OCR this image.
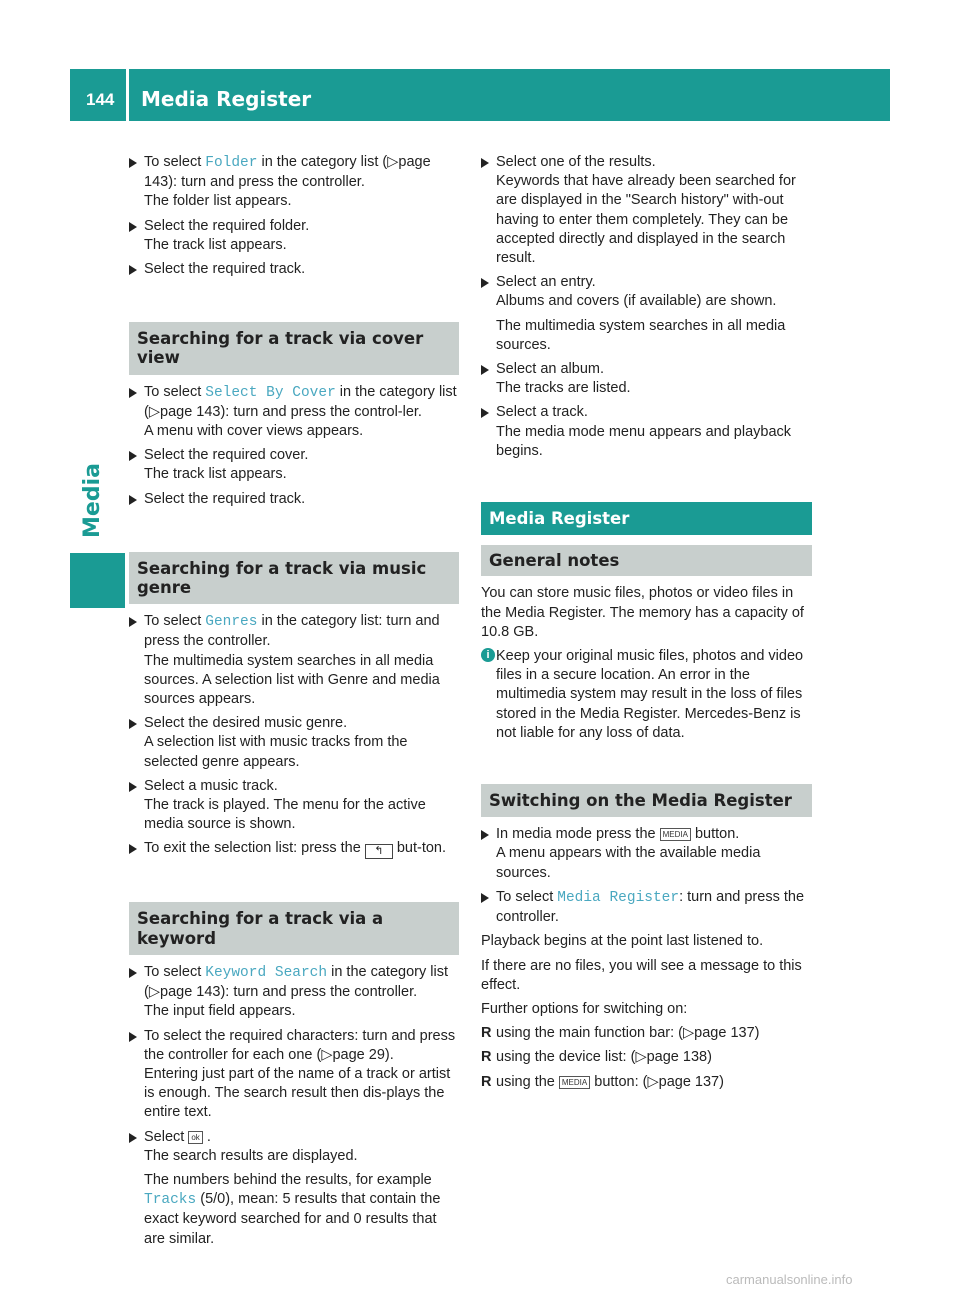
144 Media Register
Media
To select Folder in the category list (▷page 143): turn and press the controller.
The folder list appears.
Select the required folder.
The track list appears.
Select the required track.
Searching for a track via cover view
To select Select By Cover in the category list (▷page 143): turn and press the control-ler.
A menu with cover views appears.
Select the required cover.
The track list appears.
Select the required track.
Searching for a track via music genre
To select Genres in the category list: turn and press the controller.
The multimedia system searches in all media sources. A selection list with Genre and media sources appears.
Select the desired music genre.
A selection list with music tracks from the selected genre appears.
Select a music track.
The track is played. The menu for the active media source is shown.
To exit the selection list: press the ↰ but-ton.
Searching for a track via a keyword
To select Keyword Search in the category list (▷page 143): turn and press the controller.
The input field appears.
To select the required characters: turn and press the controller for each one (▷page 29).
Entering just part of the name of a track or artist is enough. The search result then dis-plays the entire text.
Select ok .
The search results are displayed.
The numbers behind the results, for example Tracks (5/0), mean: 5 results that contain the exact keyword searched for and 0 results that are similar.
Select one of the results.
Keywords that have already been searched for are displayed in the "Search history" with-out having to enter them completely. They can be accepted directly and displayed in the search result.
Select an entry.
Albums and covers (if available) are shown.
The multimedia system searches in all media sources.
Select an album.
The tracks are listed.
Select a track.
The media mode menu appears and playback begins.
Media Register
General notes
You can store music files, photos or video files in the Media Register. The memory has a capacity of 10.8 GB.
i Keep your original music files, photos and video files in a secure location. An error in the multimedia system may result in the loss of files stored in the Media Register. Mercedes-Benz is not liable for any loss of data.
Switching on the Media Register
In media mode press the MEDIA button.
A menu appears with the available media sources.
To select Media Register: turn and press the controller.
Playback begins at the point last listened to.
If there are no files, you will see a message to this effect.
Further options for switching on:
R using the main function bar: (▷page 137)
R using the device list: (▷page 138)
R using the MEDIA button: (▷page 137)
carmanualsonline.info
